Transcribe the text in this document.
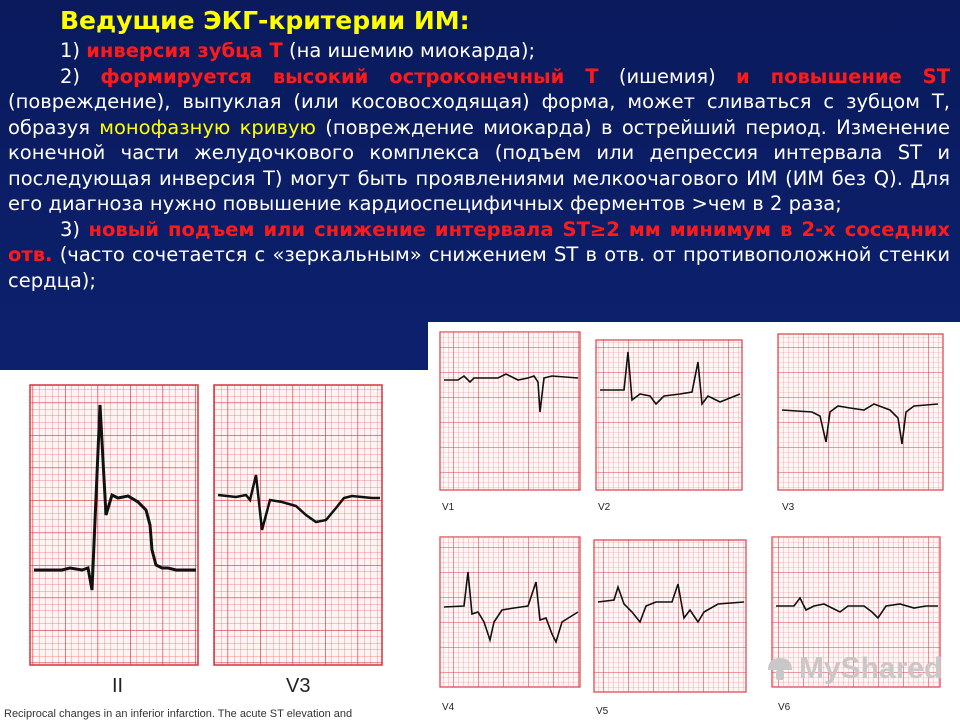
Ведущие ЭКГ-критерии ИМ:

1) инверсия зубца Т (на ишемию миокарда);

2) формируется высокий остроконечный Т (ишемия) и повышение ST (повреждение), выпуклая (или косовосходящая) форма, может сливаться с зубцом Т, образуя монофазную кривую (повреждение миокарда) в острейший период. Изменение конечной части желудочкового комплекса (подъем или депрессия интервала ST и последующая инверсия Т) могут быть проявлениями мелкоочагового ИМ (ИМ без Q). Для его диагноза нужно повышение кардиоспецифичных ферментов >чем в 2 раза;

3) новый подъем или снижение интервала ST≥2 мм минимум в 2-х соседних отв. (часто сочетается с «зеркальным» снижением ST в отв. от противоположной стенки сердца);

II	V3
Reciprocal changes in an inferior infarction. The acute ST elevation and
V1	V2	V3
V4	V5	V6
MyShared
